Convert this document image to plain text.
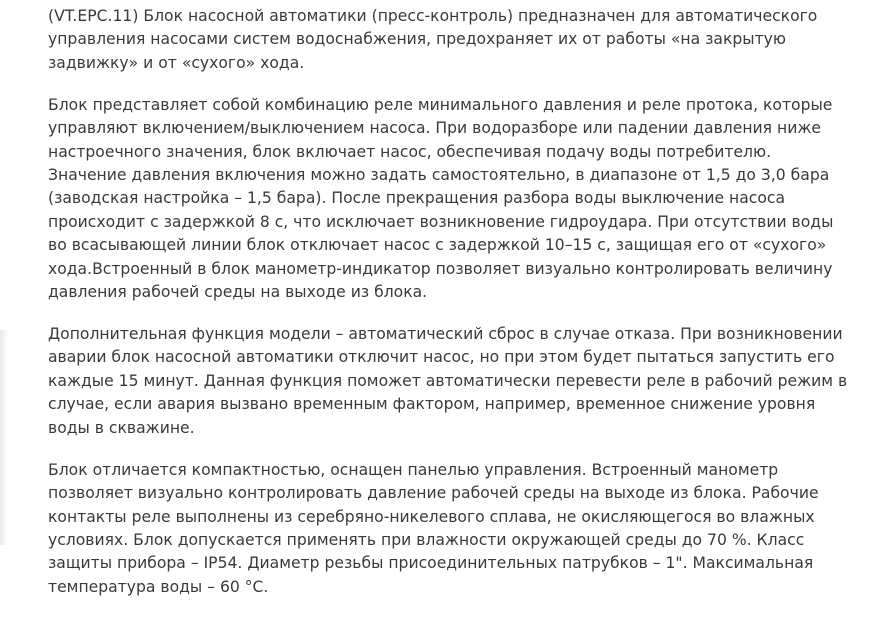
(VT.EPC.11) Блок насосной автоматики (пресс-контроль) предназначен для автоматического
управления насосами систем водоснабжения, предохраняет их от работы «на закрытую
задвижку» и от «сухого» хода.

Блок представляет собой комбинацию реле минимального давления и реле протока, которые
управляют включением/выключением насоса. При водоразборе или падении давления ниже
настроечного значения, блок включает насос, обеспечивая подачу воды потребителю.
Значение давления включения можно задать самостоятельно, в диапазоне от 1,5 до 3,0 бара
(заводская настройка – 1,5 бара). После прекращения разбора воды выключение насоса
происходит с задержкой 8 с, что исключает возникновение гидроудара. При отсутствии воды
во всасывающей линии блок отключает насос с задержкой 10–15 с, защищая его от «сухого»
хода.Встроенный в блок манометр-индикатор позволяет визуально контролировать величину
давления рабочей среды на выходе из блока.

Дополнительная функция модели – автоматический сброс в случае отказа. При возникновении
аварии блок насосной автоматики отключит насос, но при этом будет пытаться запустить его
каждые 15 минут. Данная функция поможет автоматически перевести реле в рабочий режим в
случае, если авария вызвано временным фактором, например, временное снижение уровня
воды в скважине.

Блок отличается компактностью, оснащен панелью управления. Встроенный манометр
позволяет визуально контролировать давление рабочей среды на выходе из блока. Рабочие
контакты реле выполнены из серебряно-никелевого сплава, не окисляющегося во влажных
условиях. Блок допускается применять при влажности окружающей среды до 70 %. Класс
защиты прибора – IP54. Диаметр резьбы присоединительных патрубков – 1". Максимальная
температура воды – 60 °С.
